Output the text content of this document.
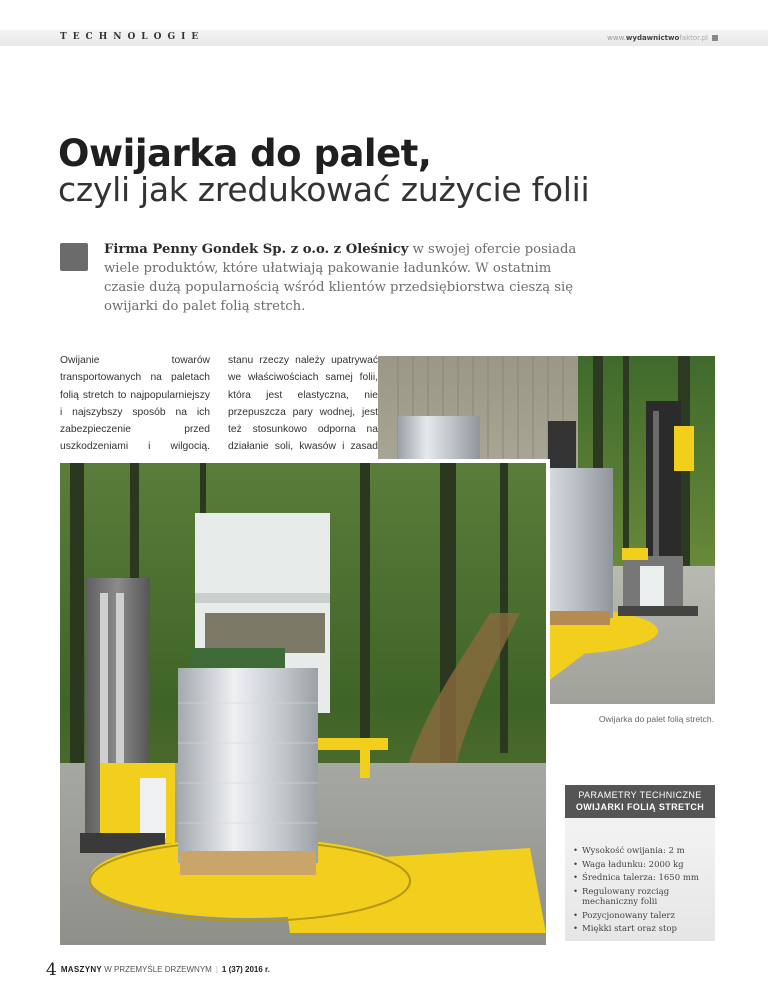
TECHNOLOGIE	www.wydawnictwofaktor.pl
Owijarka do palet,
czyli jak zredukować zużycie folii
Firma Penny Gondek Sp. z o.o. z Oleśnicy w swojej ofercie posiada wiele produktów, które ułatwiają pakowanie ładunków. W ostatnim czasie dużą popularnością wśród klientów przedsiębiorstwa cieszą się owijarki do palet folią stretch.
Owijanie towarów transportowanych na paletach folią stretch to najpopularniejszy i najszybszy sposób na ich zabezpieczenie przed uszkodzeniami i wilgocią.
stanu rzeczy należy upatrywać we właściwościach samej folii, która jest elastyczna, nie przepuszcza pary wodnej, jest też stosunkowo odporna na działanie soli, kwasów i zasad
Owijarka do palet folią stretch.
PARAMETRY TECHNICZNE
OWIJARKI FOLIĄ STRETCH
• Wysokość owijania: 2 m
• Waga ładunku: 2000 kg
• Średnica talerza: 1650 mm
• Regulowany rozciąg mechaniczny folii
• Pozycjonowany talerz
• Miękki start oraz stop
4 MASZYNY W PRZEMYŚLE DRZEWNYM | 1 (37) 2016 r.
